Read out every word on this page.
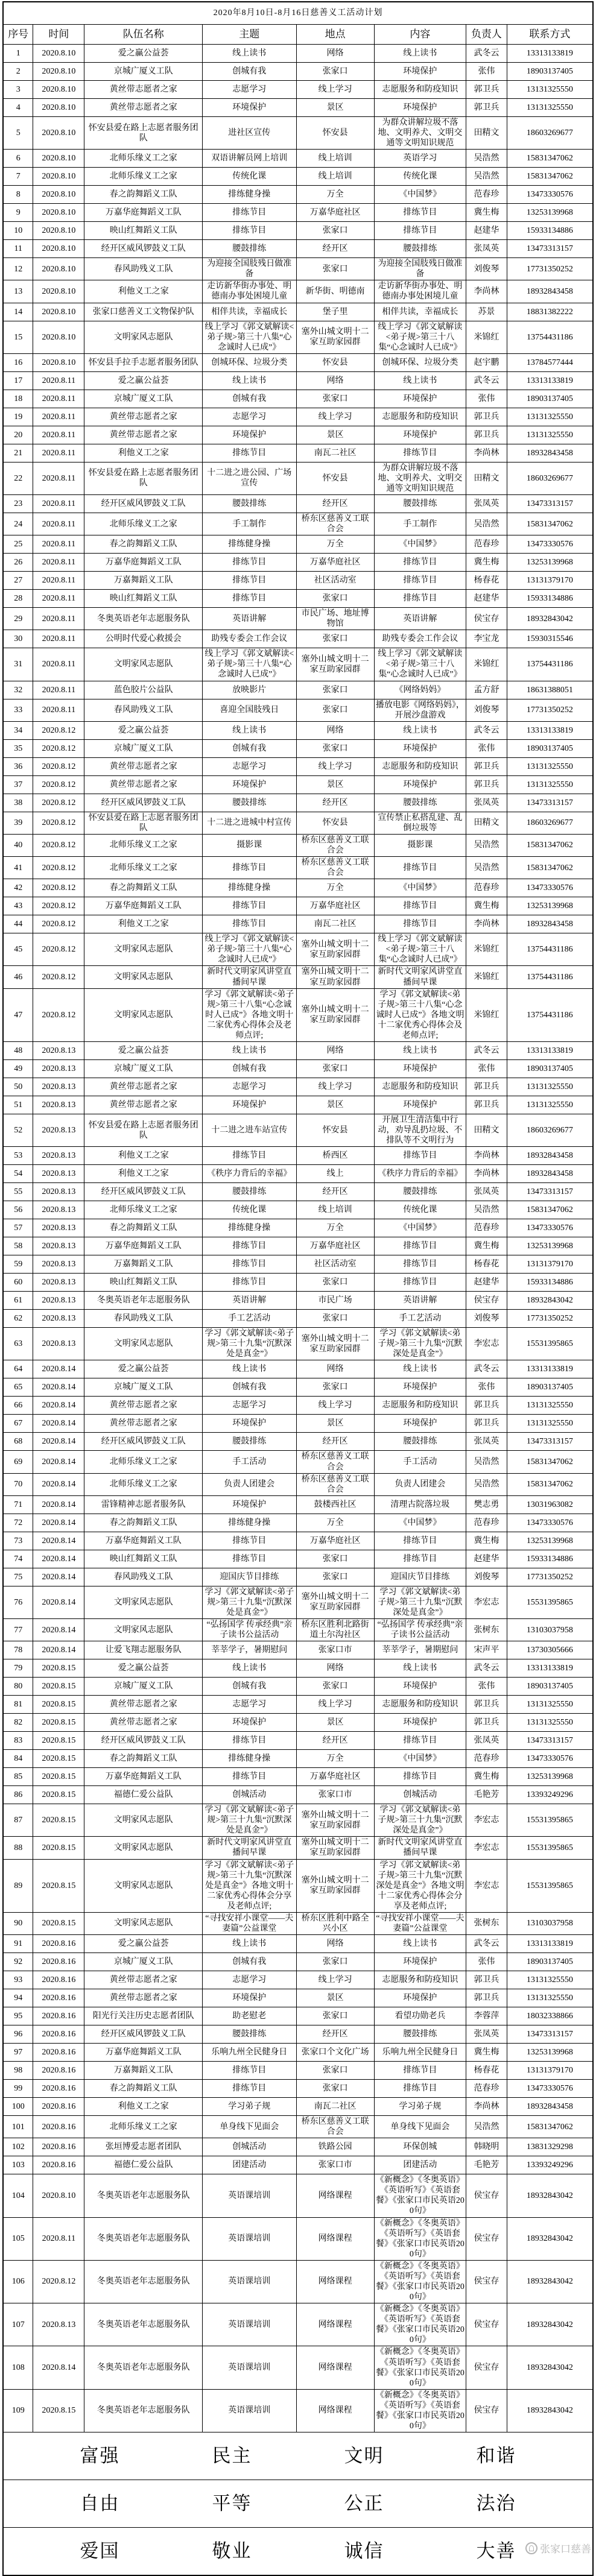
2020年8月10日-8月16日慈善义工活动计划							
序号	时间	队伍名称	主题	地点	内容	负责人	联系方式
1	2020.8.10	爱之赢公益荟	线上读书	网络	线上读书	武冬云	13313133819
2	2020.8.10	京城广厦义工队	创城有我	张家口	环境保护	张伟	18903137405
3	2020.8.10	黄丝带志愿者之家	志愿学习	线上学习	志愿服务和防疫知识	郭卫兵	13131325550
4	2020.8.10	黄丝带志愿者之家	环境保护	景区	环境保护	郭卫兵	13131325550
5	2020.8.10	怀安县爱在路上志愿者服务团队	进社区宣传	怀安县	为群众讲解垃圾不落地、文明养犬、文明交通等文明知识规范	田精文	18603269677
6	2020.8.10	北师乐缘义工之家	双语讲解员网上培训	线上培训	英语学习	吴浩然	15831347062
7	2020.8.10	北师乐缘义工之家	传统化课	线上培训	传统化课	吴浩然	15831347062
8	2020.8.10	春之韵舞蹈义工队	排练健身操	万全	《中国梦》	范春珍	13473330576
9	2020.8.10	万嘉华庭舞蹈义工队	排练节目	万嘉华庭社区	排练节目	冀生梅	13253139968
10	2020.8.10	映山红舞蹈义工队	排练节目	张家口	排练节目	赵建华	15933134886
11	2020.8.10	经开区威风锣鼓义工队	腰鼓排练	经开区	腰鼓排练	张凤英	13473313157
12	2020.8.10	春风助残义工队	为迎接全国肢残日做准备	张家口	为迎接全国肢残日做准备	刘俊琴	17731350252
13	2020.8.10	利他义工之家	走访新华街办事处、明德南办事处困境儿童	新华街、明德南	走访新华街办事处、明德南办事处困境儿童	李尚林	18932843458
14	2020.8.10	张家口慈善义工文物保护队	相伴共读，幸福成长	堡子里	相伴共读，幸福成长	苏景	18831382222
15	2020.8.10	文明家风志愿队	线上学习《郭文斌解读<弟子规>第三十八集“心念诚时人已成”》	塞外山城文明十二家互助家园群	线上学习《郭文斌解读<弟子规>第三十八集“心念诚时人已成”》	米锦红	13754431186
16	2020.8.10	怀安县手拉手志愿者服务团队	创城环保、垃圾分类	怀安县	创城环保、垃圾分类	赵宇鹏	13784577444
17	2020.8.11	爱之赢公益荟	线上读书	网络	线上读书	武冬云	13313133819
18	2020.8.11	京城广厦义工队	创城有我	张家口	环境保护	张伟	18903137405
19	2020.8.11	黄丝带志愿者之家	志愿学习	线上学习	志愿服务和防疫知识	郭卫兵	13131325550
20	2020.8.11	黄丝带志愿者之家	环境保护	景区	环境保护	郭卫兵	13131325550
21	2020.8.11	利他义工之家	排练节目	南瓦二社区	排练节目	李尚林	18932843458
22	2020.8.11	怀安县爱在路上志愿者服务团队	十二进之进公园、广场宣传	怀安县	为群众讲解垃圾不落地、文明养犬、文明交通等文明知识规范	田精文	18603269677
23	2020.8.11	经开区威风锣鼓义工队	腰鼓排练	经开区	腰鼓排练	张凤英	13473313157
24	2020.8.11	北师乐缘义工之家	手工制作	桥东区慈善义工联合会	手工制作	吴浩然	15831347062
25	2020.8.11	春之韵舞蹈义工队	排练健身操	万全	《中国梦》	范春珍	13473330576
26	2020.8.11	万嘉华庭舞蹈义工队	排练节目	万嘉华庭社区	排练节目	冀生梅	13253139968
27	2020.8.11	万嘉舞蹈义工队	排练节目	社区活动室	排练节目	杨春花	13131379170
28	2020.8.11	映山红舞蹈义工队	排练节目	张家口	排练节目	赵建华	15933134886
29	2020.8.11	冬奥英语老年志愿服务队	英语讲解	市民广场、地址博物馆	英语讲解	侯宝存	18932843042
30	2020.8.11	公明时代爱心救援会	助残专委会工作会议	张家口	助残专委会工作会议	李宝龙	15930315546
31	2020.8.11	文明家风志愿队	线上学习《郭文斌解读<弟子规>第三十八集“心念诚时人已成”》	塞外山城文明十二家互助家园群	线上学习《郭文斌解读<弟子规>第三十八集“心念诚时人已成”》	米锦红	13754431186
32	2020.8.11	蓝色胶片公益队	放映影片	张家口	《网络妈妈》	孟方舒	18631388051
33	2020.8.11	春风助残义工队	喜迎全国肢残日	张家口	播放电影《网络妈妈》，开展沙盘游戏	刘俊琴	17731350252
34	2020.8.12	爱之赢公益荟	线上读书	网络	线上读书	武冬云	13313133819
35	2020.8.12	京城广厦义工队	创城有我	张家口	环境保护	张伟	18903137405
36	2020.8.12	黄丝带志愿者之家	志愿学习	线上学习	志愿服务和防疫知识	郭卫兵	13131325550
37	2020.8.12	黄丝带志愿者之家	环境保护	景区	环境保护	郭卫兵	13131325550
38	2020.8.12	经开区威风锣鼓义工队	腰鼓排练	经开区	腰鼓排练	张凤英	13473313157
39	2020.8.12	怀安县爱在路上志愿者服务团队	十二进之进城中村宣传	怀安县	宣传禁止私搭乱建、乱倒垃圾等	田精文	18603269677
40	2020.8.12	北师乐缘义工之家	摄影课	桥东区慈善义工联合会	摄影课	吴浩然	15831347062
41	2020.8.12	北师乐缘义工之家	排练节目	桥东区慈善义工联合会	排练节目	吴浩然	15831347062
42	2020.8.12	春之韵舞蹈义工队	排练健身操	万全	《中国梦》	范春珍	13473330576
43	2020.8.12	万嘉华庭舞蹈义工队	排练节目	万嘉华庭社区	排练节目	冀生梅	13253139968
44	2020.8.12	利他义工之家	排练节目	南瓦二社区	排练节目	李尚林	18932843458
45	2020.8.12	文明家风志愿队	线上学习《郭文斌解读<弟子规>第三十八集“心念诚时人已成”》	塞外山城文明十二家互助家园群	线上学习《郭文斌解读<弟子规>第三十八集“心念诚时人已成”》	米锦红	13754431186
46	2020.8.12	文明家风志愿队	新时代文明家风讲堂直播间早课	塞外山城文明十二家互助家园群	新时代文明家风讲堂直播间早课	米锦红	13754431186
47	2020.8.12	文明家风志愿队	学习《郭文斌解读<弟子规>第三十八集“心念诚时人已成”》各地文明十二家优秀心得体会及老师点评;	塞外山城文明十二家互助家园群	学习《郭文斌解读<弟子规>第三十八集“心念诚时人已成”》各地文明十二家优秀心得体会及老师点评;	米锦红	13754431186
48	2020.8.13	爱之赢公益荟	线上读书	网络	线上读书	武冬云	13313133819
49	2020.8.13	京城广厦义工队	创城有我	张家口	环境保护	张伟	18903137405
50	2020.8.13	黄丝带志愿者之家	志愿学习	线上学习	志愿服务和防疫知识	郭卫兵	13131325550
51	2020.8.13	黄丝带志愿者之家	环境保护	景区	环境保护	郭卫兵	13131325550
52	2020.8.13	怀安县爱在路上志愿者服务团队	十二进之进车站宣传	怀安县	开展卫生清洁集中行动，劝导乱扔垃圾、不排队等不文明行为	田精文	18603269677
53	2020.8.13	利他义工之家	排练节目	桥西区	排练节目	李尚林	18932843458
54	2020.8.13	利他义工之家	《秩序力背后的幸福》	线上	《秩序力背后的幸福》	李尚林	18932843458
55	2020.8.13	经开区威风锣鼓义工队	腰鼓排练	经开区	腰鼓排练	张凤英	13473313157
56	2020.8.13	北师乐缘义工之家	传统化课	线上培训	传统化课	吴浩然	15831347062
57	2020.8.13	春之韵舞蹈义工队	排练健身操	万全	《中国梦》	范春珍	13473330576
58	2020.8.13	万嘉华庭舞蹈义工队	排练节目	万嘉华庭社区	排练节目	冀生梅	13253139968
59	2020.8.13	万嘉舞蹈义工队	排练节目	社区活动室	排练节目	杨春花	13131379170
60	2020.8.13	映山红舞蹈义工队	排练节目	张家口	排练节目	赵建华	15933134886
61	2020.8.13	冬奥英语老年志愿服务队	英语讲解	市民广场	英语讲解	侯宝存	18932843042
62	2020.8.13	春风助残义工队	手工艺活动	张家口	手工艺活动	刘俊琴	17731350252
63	2020.8.13	文明家风志愿队	学习《郭文斌解读<弟子规>第三十九集“沉默深处是真金”》	塞外山城文明十二家互助家园群	学习《郭文斌解读<弟子规>第三十九集“沉默深处是真金”》	李宏志	15531395865
64	2020.8.14	爱之赢公益荟	线上读书	网络	线上读书	武冬云	13313133819
65	2020.8.14	京城广厦义工队	创城有我	张家口	环境保护	张伟	18903137405
66	2020.8.14	黄丝带志愿者之家	志愿学习	线上学习	志愿服务和防疫知识	郭卫兵	13131325550
67	2020.8.14	黄丝带志愿者之家	环境保护	景区	环境保护	郭卫兵	13131325550
68	2020.8.14	经开区威风锣鼓义工队	腰鼓排练	经开区	腰鼓排练	张凤英	13473313157
69	2020.8.14	北师乐缘义工之家	手工活动	桥东区慈善义工联合会	手工活动	吴浩然	15831347062
70	2020.8.14	北师乐缘义工之家	负责人团建会	桥东区慈善义工联合会	负责人团建会	吴浩然	15831347062
71	2020.8.14	雷锋精神志愿者服务队	环境保护	鼓楼西社区	清理古院落垃圾	樊志勇	13031963082
72	2020.8.14	春之韵舞蹈义工队	排练健身操	万全	《中国梦》	范春珍	13473330576
73	2020.8.14	万嘉华庭舞蹈义工队	排练节目	万嘉华庭社区	排练节目	冀生梅	13253139968
74	2020.8.14	映山红舞蹈义工队	排练节目	张家口	排练节目	赵建华	15933134886
75	2020.8.14	春风助残义工队	迎国庆节目排练	张家口	迎国庆节目排练	刘俊琴	17731350252
76	2020.8.14	文明家风志愿队	学习《郭文斌解读<弟子规>第三十九集“沉默深处是真金”》	塞外山城文明十二家互助家园群	学习《郭文斌解读<弟子规>第三十九集“沉默深处是真金”》	李宏志	15531395865
77	2020.8.14	文明家风志愿队	“弘扬国学 传承经典”亲子读书公益活动	桥东区胜利北路街道土尔沟社区	“弘扬国学 传承经典”亲子读书公益活动	张树东	13103037958
78	2020.8.14	让爱飞翔志愿服务队	莘莘学子，暑期慰问	张家口市	莘莘学子，暑期慰问	宋声平	13730305666
79	2020.8.15	爱之赢公益荟	线上读书	网络	线上读书	武冬云	13313133819
80	2020.8.15	京城广厦义工队	创城有我	张家口	环境保护	张伟	18903137405
81	2020.8.15	黄丝带志愿者之家	志愿学习	线上学习	志愿服务和防疫知识	郭卫兵	13131325550
82	2020.8.15	黄丝带志愿者之家	环境保护	景区	环境保护	郭卫兵	13131325550
83	2020.8.15	经开区威风锣鼓义工队	排练节目	经开区	排练节目	张凤英	13473313157
84	2020.8.15	春之韵舞蹈义工队	排练健身操	万全	《中国梦》	范春珍	13473330576
85	2020.8.15	万嘉华庭舞蹈义工队	排练节目	万嘉华庭社区	排练节目	冀生梅	13253139968
86	2020.8.15	福德仁爱公益队	创城活动	张家口市	创城活动	毛艳芳	13393249296
87	2020.8.15	文明家风志愿队	学习《郭文斌解读<弟子规>第三十九集“沉默深处是真金”》	塞外山城文明十二家互助家园群	学习《郭文斌解读<弟子规>第三十九集“沉默深处是真金”》	李宏志	15531395865
88	2020.8.15	文明家风志愿队	新时代文明家风讲堂直播间早课	塞外山城文明十二家互助家园群	新时代文明家风讲堂直播间早课	李宏志	15531395865
89	2020.8.15	文明家风志愿队	学习《郭文斌解读<弟子规>第三十九集“沉默深处是真金”》各地文明十二家优秀心得体会分享及老师点评;	塞外山城文明十二家互助家园群	学习《郭文斌解读<弟子规>第三十九集“沉默深处是真金”》各地文明十二家优秀心得体会分享及老师点评;	李宏志	15531395865
90	2020.8.15	文明家风志愿队	“寻找安祥小课堂——夫妻篇”公益课堂	桥东区胜利中路全兴小区	“寻找安祥小课堂——夫妻篇”公益课堂	张树东	13103037958
91	2020.8.16	爱之赢公益荟	线上读书	网络	线上读书	武冬云	13313133819
92	2020.8.16	京城广厦义工队	创城有我	张家口	环境保护	张伟	18903137405
93	2020.8.16	黄丝带志愿者之家	志愿学习	线上学习	志愿服务和防疫知识	郭卫兵	13131325550
94	2020.8.16	黄丝带志愿者之家	环境保护	景区	环境保护	郭卫兵	13131325550
95	2020.8.16	阳光行关注历史志愿者团队	助老慰老	张家口	看望功勋老兵	李蓉萍	18032338866
96	2020.8.16	经开区威风锣鼓义工队	腰鼓排练	经开区	腰鼓排练	张凤英	13473313157
97	2020.8.16	万嘉华庭舞蹈义工队	乐响九州全民健身日	张家口个文化广场	乐响九州全民健身日	冀生梅	13253139968
98	2020.8.16	万嘉舞蹈义工队	排练节目	张家口	排练节目	杨春花	13131379170
99	2020.8.16	春之韵舞蹈义工队	排练节目	张家口	排练节目	范春珍	13473330576
100	2020.8.16	利他义工之家	学习弟子规	南瓦二社区	学习弟子规	李尚林	18932843458
101	2020.8.16	北师乐缘义工之家	单身线下见面会	桥东区慈善义工联合会	单身线下见面会	吴浩然	15831347062
102	2020.8.16	张垣博爱志愿者团队	创城活动	铁路公园	环保创城	韩晓明	13831329298
103	2020.8.16	福德仁爱公益队	团建活动	张家口市	团建活动	毛艳芳	13393249296
104	2020.8.10	冬奥英语老年志愿服务队	英语课培训	网络课程	《新概念》《冬奥英语》《英语听写》《英语套餐》《张家口市民英语200句》	侯宝存	18932843042
105	2020.8.11	冬奥英语老年志愿服务队	英语课培训	网络课程	《新概念》《冬奥英语》《英语听写》《英语套餐》《张家口市民英语200句》	侯宝存	18932843042
106	2020.8.12	冬奥英语老年志愿服务队	英语课培训	网络课程	《新概念》《冬奥英语》《英语听写》《英语套餐》《张家口市民英语200句》	侯宝存	18932843042
107	2020.8.13	冬奥英语老年志愿服务队	英语课培训	网络课程	《新概念》《冬奥英语》《英语听写》《英语套餐》《张家口市民英语200句》	侯宝存	18932843042
108	2020.8.14	冬奥英语老年志愿服务队	英语课培训	网络课程	《新概念》《冬奥英语》《英语听写》《英语套餐》《张家口市民英语200句》	侯宝存	18932843042
109	2020.8.15	冬奥英语老年志愿服务队	英语课培训	网络课程	《新概念》《冬奥英语》《英语听写》《英语套餐》《张家口市民英语200句》	侯宝存	18932843042

富强 民主 文明 和谐							

自由 平等 公正 法治							

爱国 敬业 诚信 大善							张家口慈善
